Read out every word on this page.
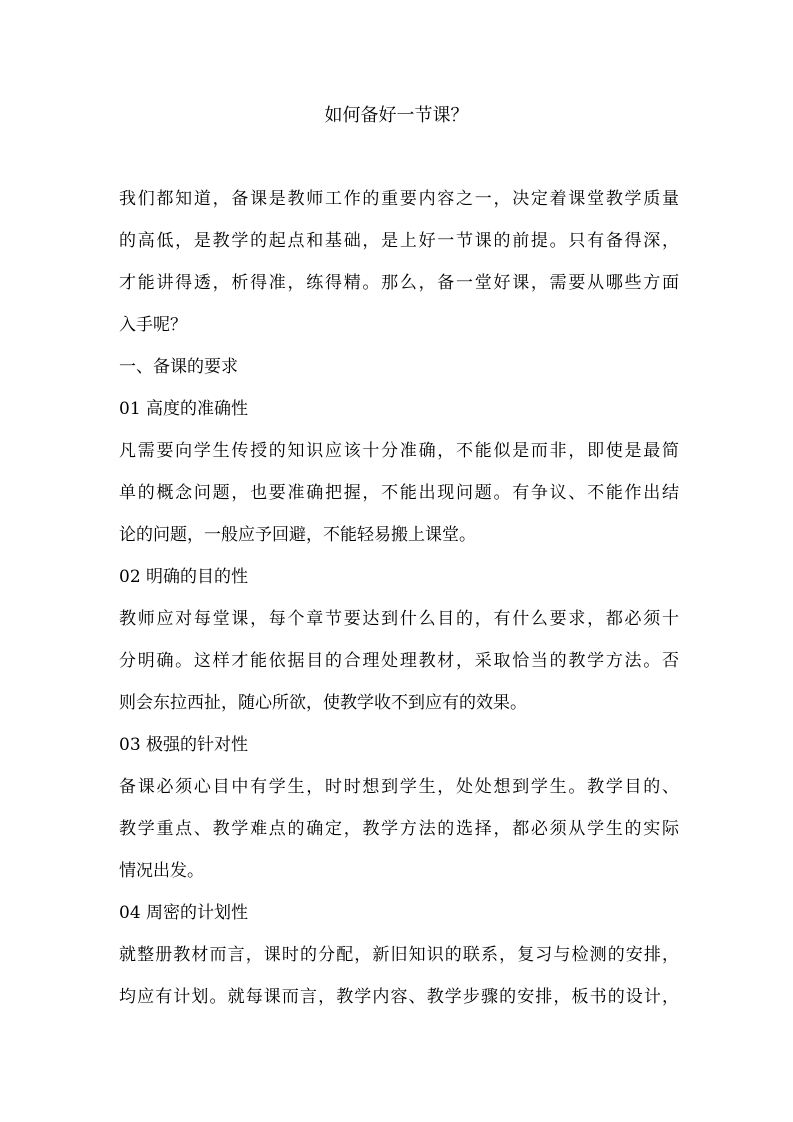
如何备好一节课？
我们都知道，备课是教师工作的重要内容之一，决定着课堂教学质量
的高低，是教学的起点和基础，是上好一节课的前提。只有备得深，
才能讲得透，析得准，练得精。那么，备一堂好课，需要从哪些方面
入手呢？
一、备课的要求
01 高度的准确性
凡需要向学生传授的知识应该十分准确，不能似是而非，即使是最简
单的概念问题，也要准确把握，不能出现问题。有争议、不能作出结
论的问题，一般应予回避，不能轻易搬上课堂。
02 明确的目的性
教师应对每堂课，每个章节要达到什么目的，有什么要求，都必须十
分明确。这样才能依据目的合理处理教材，采取恰当的教学方法。否
则会东拉西扯，随心所欲，使教学收不到应有的效果。
03 极强的针对性
备课必须心目中有学生，时时想到学生，处处想到学生。教学目的、
教学重点、教学难点的确定，教学方法的选择，都必须从学生的实际
情况出发。
04 周密的计划性
就整册教材而言，课时的分配，新旧知识的联系，复习与检测的安排，
均应有计划。就每课而言，教学内容、教学步骤的安排，板书的设计，
